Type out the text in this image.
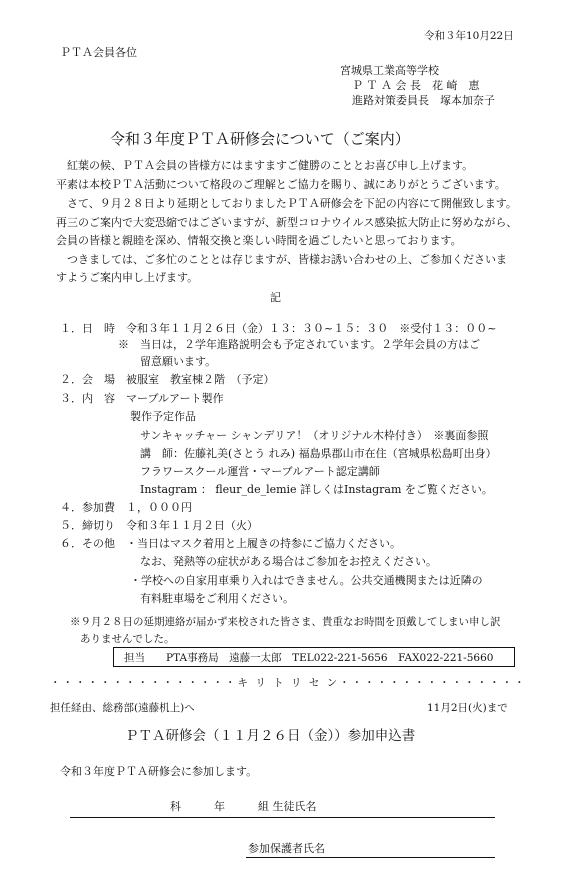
令和３年10月22日
ＰＴＡ会員各位
宮城県工業高等学校
Ｐ Ｔ Ａ 会 長　花 崎　恵
進路対策委員長　塚本加奈子
令和３年度ＰＴＡ研修会について（ご案内）
　紅葉の候、ＰＴＡ会員の皆様方にはますますご健勝のこととお喜び申し上げます。
平素は本校ＰＴＡ活動について格段のご理解とご協力を賜り、誠にありがとうございます。
　さて、９月２８日より延期としておりましたＰＴＡ研修会を下記の内容にて開催致します。
再三のご案内で大変恐縮ではございますが、新型コロナウイルス感染拡大防止に努めながら、
会員の皆様と親睦を深め、情報交換と楽しい時間を過ごしたいと思っております。
　つきましては、ご多忙のこととは存じますが、皆様お誘い合わせの上、ご参加くださいま
すようご案内申し上げます。
記
１．日　時　令和３年１１月２６日（金）１３：３０~１５：３０　※受付１３：００~
※　当日は，２学年進路説明会も予定されています。２学年会員の方はご
留意願います。
２．会　場　被服室　教室棟２階　（予定）
３．内　容　マーブルアート製作
製作予定作品
サンキャッチャー シャンデリア！（オリジナル木枠付き）　※裏面参照
講　師：佐藤礼美(さとう れみ) 福島県郡山市在住（宮城県松島町出身）
フラワースクール運営・マーブルアート認定講師
Instagram ： fleur_de_lemie 詳しくはInstagram をご覧ください。
４．参加費　１，０００円
５．締切り　令和３年１１月２日（火）
６．その他　・当日はマスク着用と上履きの持参にご協力ください。
なお、発熱等の症状がある場合はご参加をお控えください。
・学校への自家用車乗り入れはできません。公共交通機関または近隣の
有料駐車場をご利用ください。
※９月２８日の延期連絡が届かず来校された皆さま、貴重なお時間を頂戴してしまい申し訳
ありませんでした。
担当　　PTA事務局　遠藤一太郎　TEL022-221-5656　FAX022-221-5660
・・・・・・・・・・・・・・・キ リ ト リ セ ン・・・・・・・・・・・・・・・
担任経由、総務部(遠藤机上)へ	11月2日(火)まで
ＰＴＡ研修会（１１月２６日（金））参加申込書
令和３年度ＰＴＡ研修会に参加します。
科　　　年　　　組 生徒氏名
参加保護者氏名
